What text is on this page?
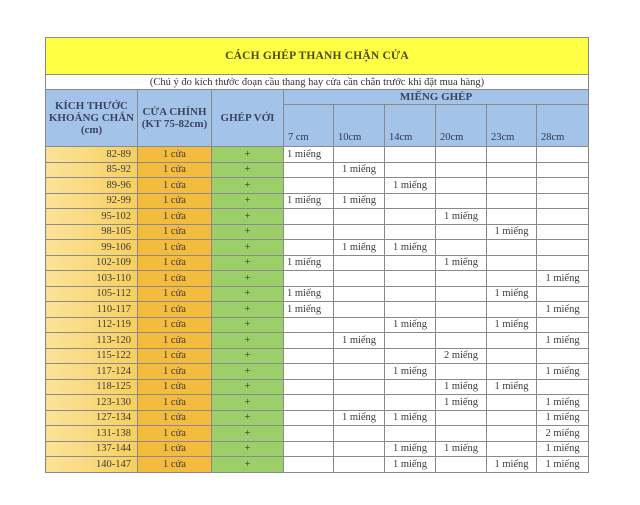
CÁCH GHÉP THANH CHẶN CỬA								
(Chú ý đo kích thước đoạn cầu thang hay cửa cần chắn trước khi đặt mua hàng)								
KÍCH THƯỚC KHOẢNG CHẮN (cm)	CỬA CHÍNH (KT 75-82cm)	GHÉP VỚI	MIẾNG GHÉP					
			7 cm	10cm	14cm	20cm	23cm	28cm
82-89	1 cửa	+	1 miếng					
85-92	1 cửa	+		1 miếng				
89-96	1 cửa	+			1 miếng			
92-99	1 cửa	+	1 miếng	1 miếng				
95-102	1 cửa	+				1 miếng		
98-105	1 cửa	+					1 miếng	
99-106	1 cửa	+		1 miếng	1 miếng			
102-109	1 cửa	+	1 miếng			1 miếng		
103-110	1 cửa	+						1 miếng
105-112	1 cửa	+	1 miếng				1 miếng	
110-117	1 cửa	+	1 miếng					1 miếng
112-119	1 cửa	+			1 miếng		1 miếng	
113-120	1 cửa	+		1 miếng				1 miếng
115-122	1 cửa	+				2 miếng		
117-124	1 cửa	+			1 miếng			1 miếng
118-125	1 cửa	+				1 miếng	1 miếng	
123-130	1 cửa	+				1 miếng		1 miếng
127-134	1 cửa	+		1 miếng	1 miếng			1 miếng
131-138	1 cửa	+						2 miếng
137-144	1 cửa	+			1 miếng	1 miếng		1 miếng
140-147	1 cửa	+			1 miếng		1 miếng	1 miếng
